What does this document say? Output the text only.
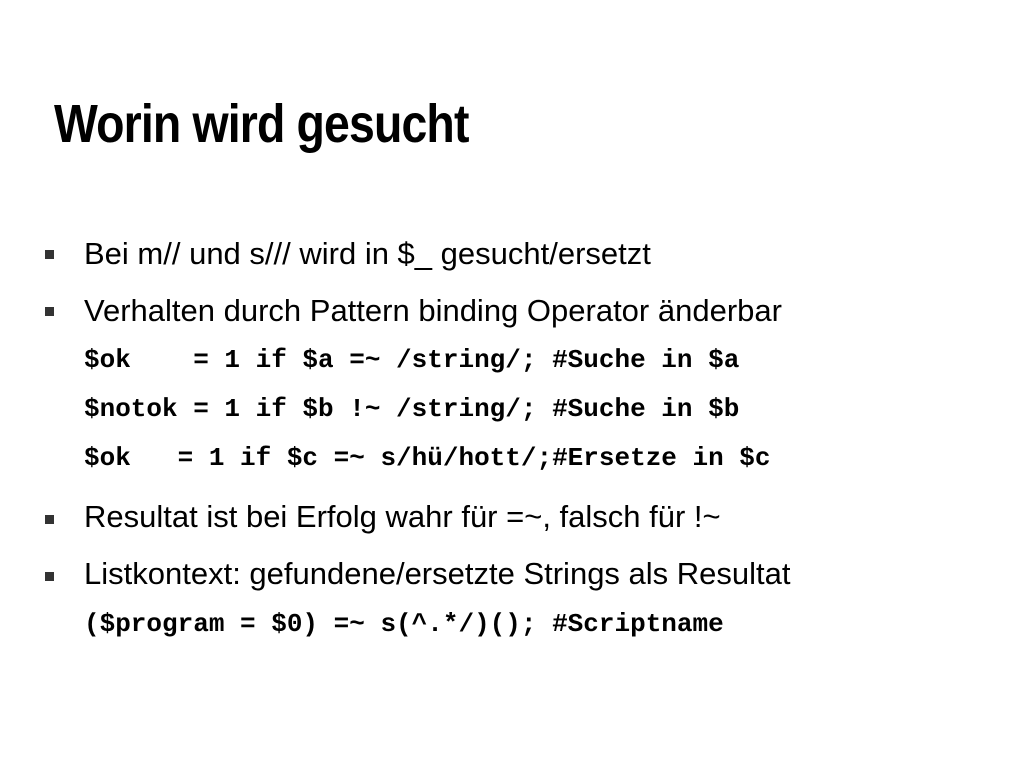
Worin wird gesucht
Bei m// und s/// wird in $_ gesucht/ersetzt
Verhalten durch Pattern binding Operator änderbar
$ok    = 1 if $a =~ /string/; #Suche in $a
$notok = 1 if $b !~ /string/; #Suche in $b
$ok   = 1 if $c =~ s/hü/hott/;#Ersetze in $c
Resultat ist bei Erfolg wahr für =~, falsch für !~
Listkontext: gefundene/ersetzte Strings als Resultat
($program = $0) =~ s(^.*/)(); #Scriptname
